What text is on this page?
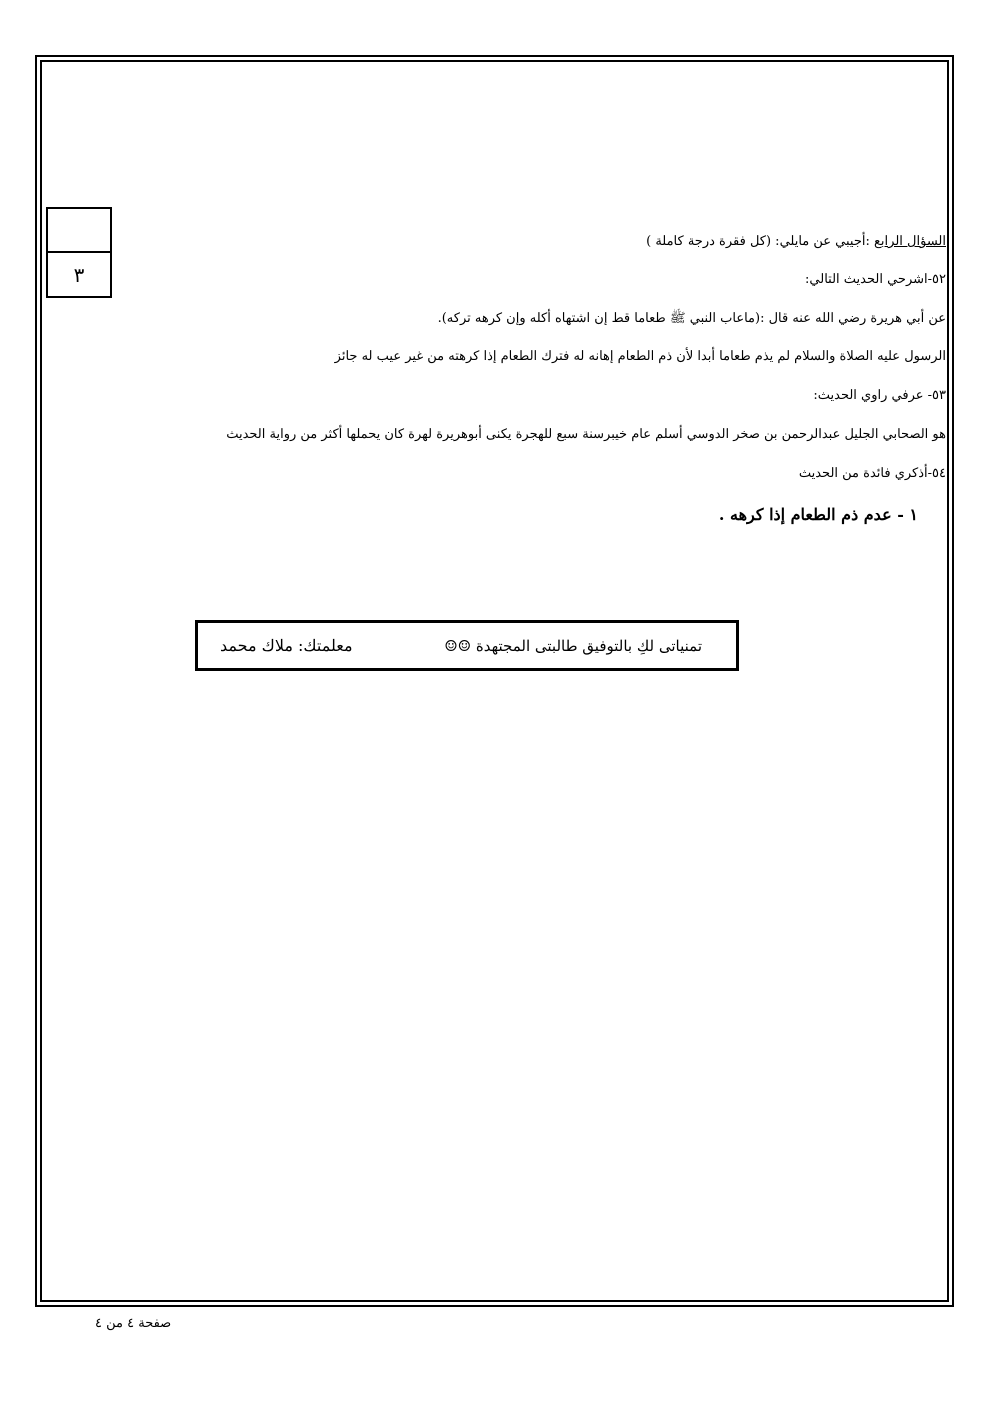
٣
السؤال الرابع :أجيبي عن مايلي: (كل فقرة درجة كاملة )
٥٢-اشرحي الحديث التالي:
عن أبي هريرة رضي الله عنه قال :(ماعاب النبي ﷺ طعاما قط إن اشتهاه أكله وإن كرهه تركه).
الرسول عليه الصلاة والسلام لم يذم طعاما أبدا لأن ذم الطعام إهانه له فترك الطعام إذا كرهته من غير عيب له جائز
٥٣- عرفي راوي الحديث:
هو الصحابي الجليل عبدالرحمن بن صخر الدوسي أسلم عام خيبرسنة سبع للهجرة يكنى أبوهريرة لهرة كان يحملها أكثر من رواية الحديث
٥٤-أذكري فائدة من الحديث
١ - عدم ذم الطعام إذا كرهه .
تمنياتى لكِ بالتوفيق طالبتى المجتهدة ☺☺
معلمتك: ملاك محمد
صفحة ٤ من ٤
